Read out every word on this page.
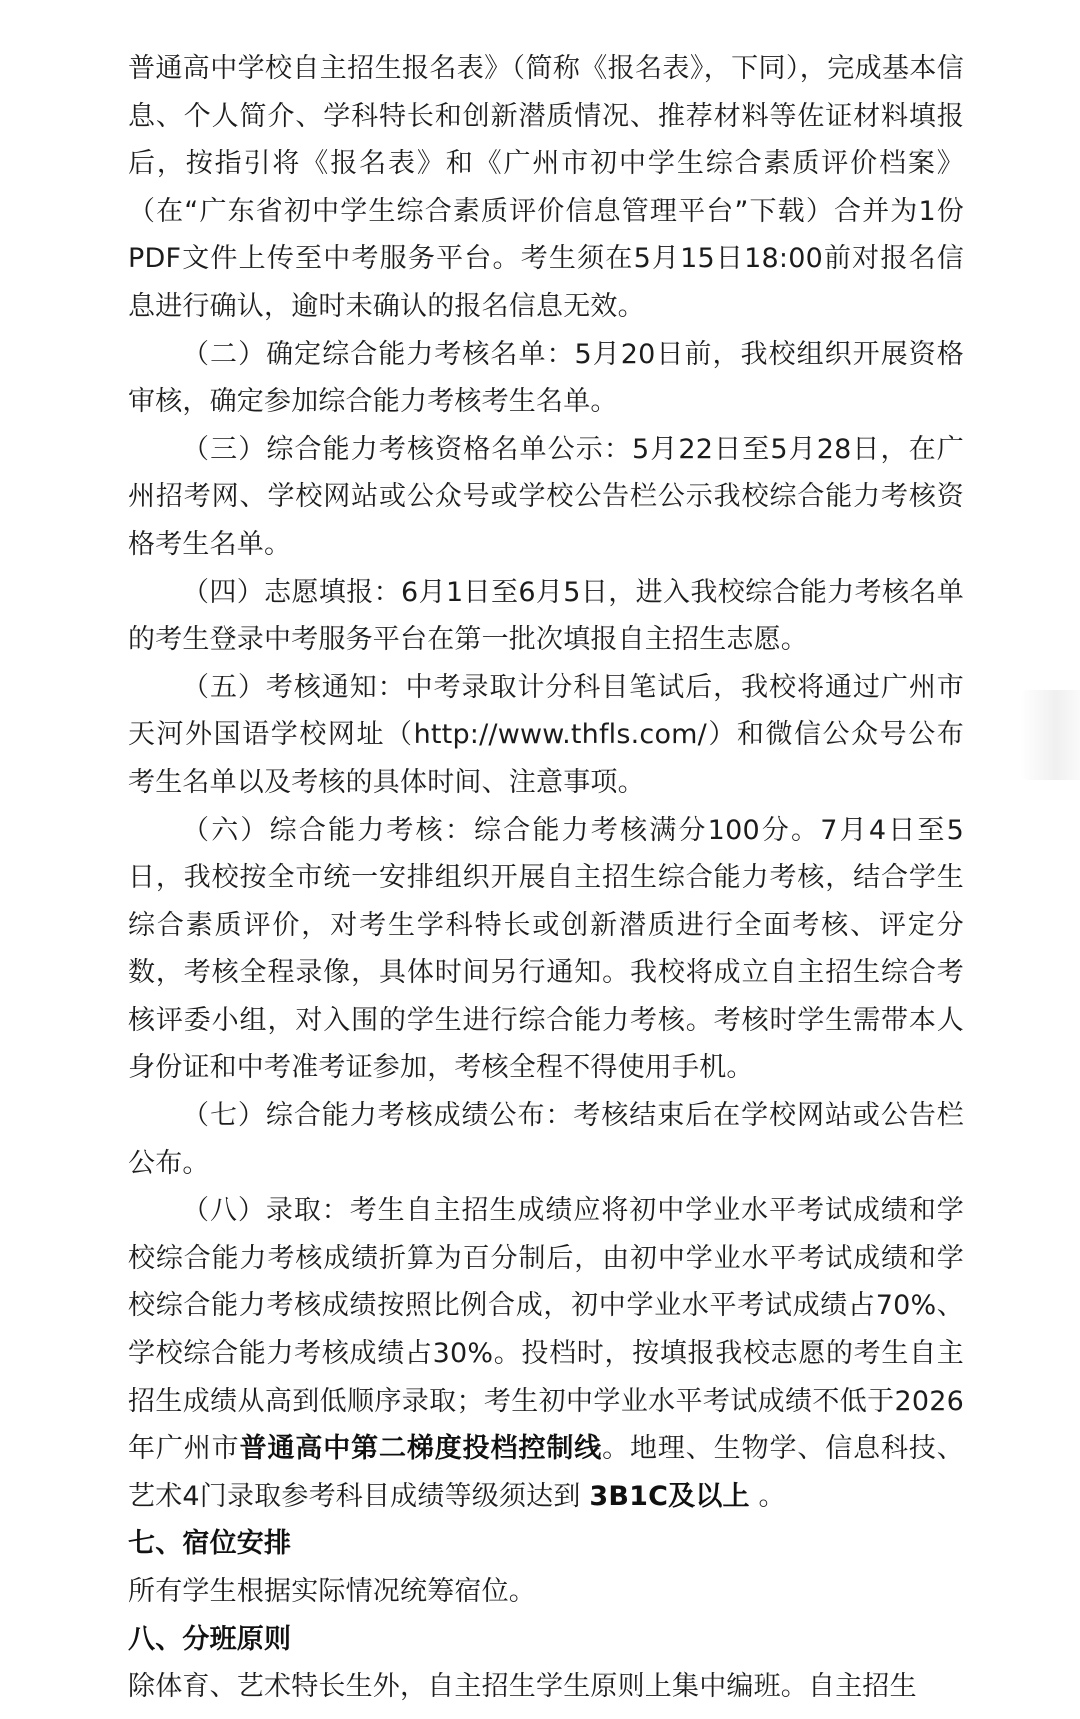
普通高中学校自主招生报名表》（简称《报名表》，下同），完成基本信息、个人简介、学科特长和创新潜质情况、推荐材料等佐证材料填报后，按指引将《报名表》和《广州市初中学生综合素质评价档案》（在“广东省初中学生综合素质评价信息管理平台”下载）合并为1份PDF文件上传至中考服务平台。考生须在5月15日18:00前对报名信息进行确认，逾时未确认的报名信息无效。

（二）确定综合能力考核名单：5月20日前，我校组织开展资格审核，确定参加综合能力考核考生名单。

（三）综合能力考核资格名单公示：5月22日至5月28日，在广州招考网、学校网站或公众号或学校公告栏公示我校综合能力考核资格考生名单。

（四）志愿填报：6月1日至6月5日，进入我校综合能力考核名单的考生登录中考服务平台在第一批次填报自主招生志愿。

（五）考核通知：中考录取计分科目笔试后，我校将通过广州市天河外国语学校网址（http://www.thfls.com/）和微信公众号公布考生名单以及考核的具体时间、注意事项。

（六）综合能力考核：综合能力考核满分100分。7月4日至5日，我校按全市统一安排组织开展自主招生综合能力考核，结合学生综合素质评价，对考生学科特长或创新潜质进行全面考核、评定分数，考核全程录像，具体时间另行通知。我校将成立自主招生综合考核评委小组，对入围的学生进行综合能力考核。考核时学生需带本人身份证和中考准考证参加，考核全程不得使用手机。

（七）综合能力考核成绩公布：考核结束后在学校网站或公告栏公布。

（八）录取：考生自主招生成绩应将初中学业水平考试成绩和学校综合能力考核成绩折算为百分制后，由初中学业水平考试成绩和学校综合能力考核成绩按照比例合成，初中学业水平考试成绩占70%、学校综合能力考核成绩占30%。投档时，按填报我校志愿的考生自主招生成绩从高到低顺序录取；考生初中学业水平考试成绩不低于2026年广州市普通高中第二梯度投档控制线。地理、生物学、信息科技、艺术4门录取参考科目成绩等级须达到 3B1C及以上 。

七、宿位安排

所有学生根据实际情况统筹宿位。

八、分班原则

除体育、艺术特长生外，自主招生学生原则上集中编班。自主招生
